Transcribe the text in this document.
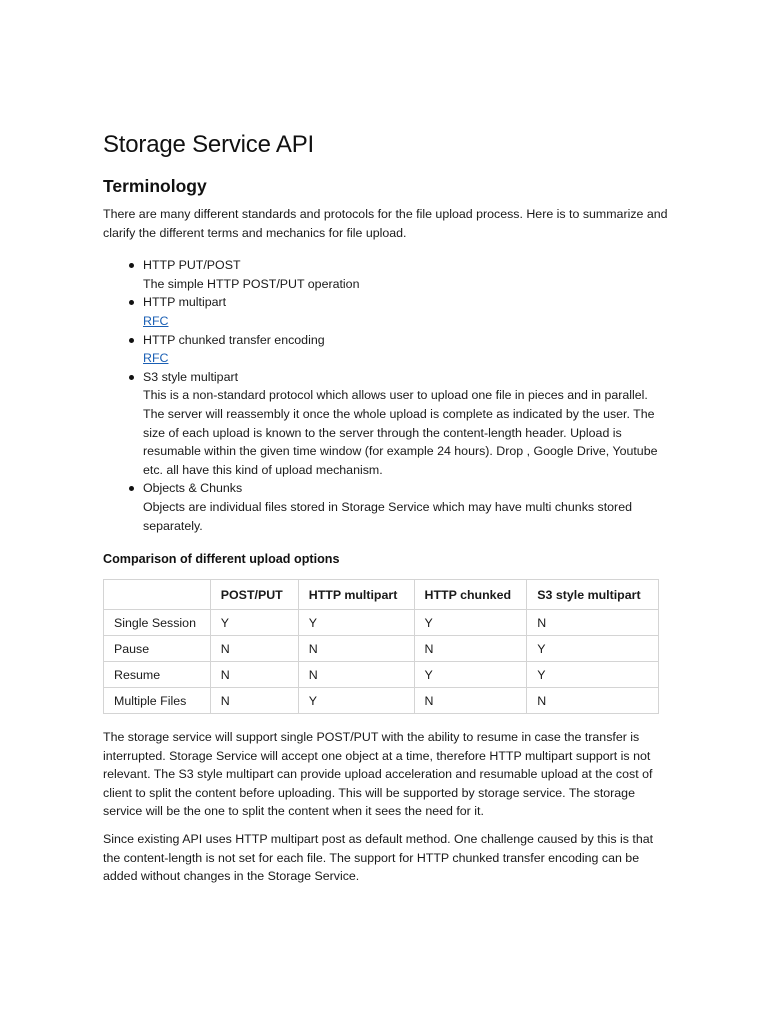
Storage Service API
Terminology

There are many different standards and protocols for the file upload process. Here is to summarize and clarify the different terms and mechanics for file upload.

HTTP PUT/POST
The simple HTTP POST/PUT operation
HTTP multipart
RFC
HTTP chunked transfer encoding
RFC
S3 style multipart
This is a non-standard protocol which allows user to upload one file in pieces and in parallel. The server will reassembly it once the whole upload is complete as indicated by the user. The size of each upload is known to the server through the content-length header. Upload is resumable within the given time window (for example 24 hours). Drop , Google Drive, Youtube etc. all have this kind of upload mechanism.
Objects & Chunks
Objects are individual files stored in Storage Service which may have multi chunks stored separately.
Comparison of different upload options
	POST/PUT	HTTP multipart	HTTP chunked	S3 style multipart
Single Session	Y	Y	Y	N
Pause	N	N	N	Y
Resume	N	N	Y	Y
Multiple Files	N	Y	N	N

The storage service will support single POST/PUT with the ability to resume in case the transfer is interrupted. Storage Service will accept one object at a time, therefore HTTP multipart support is not relevant. The S3 style multipart can provide upload acceleration and resumable upload at the cost of client to split the content before uploading. This will be supported by storage service. The storage service will be the one to split the content when it sees the need for it.

Since existing API uses HTTP multipart post as default method. One challenge caused by this is that the content-length is not set for each file. The support for HTTP chunked transfer encoding can be added without changes in the Storage Service.
